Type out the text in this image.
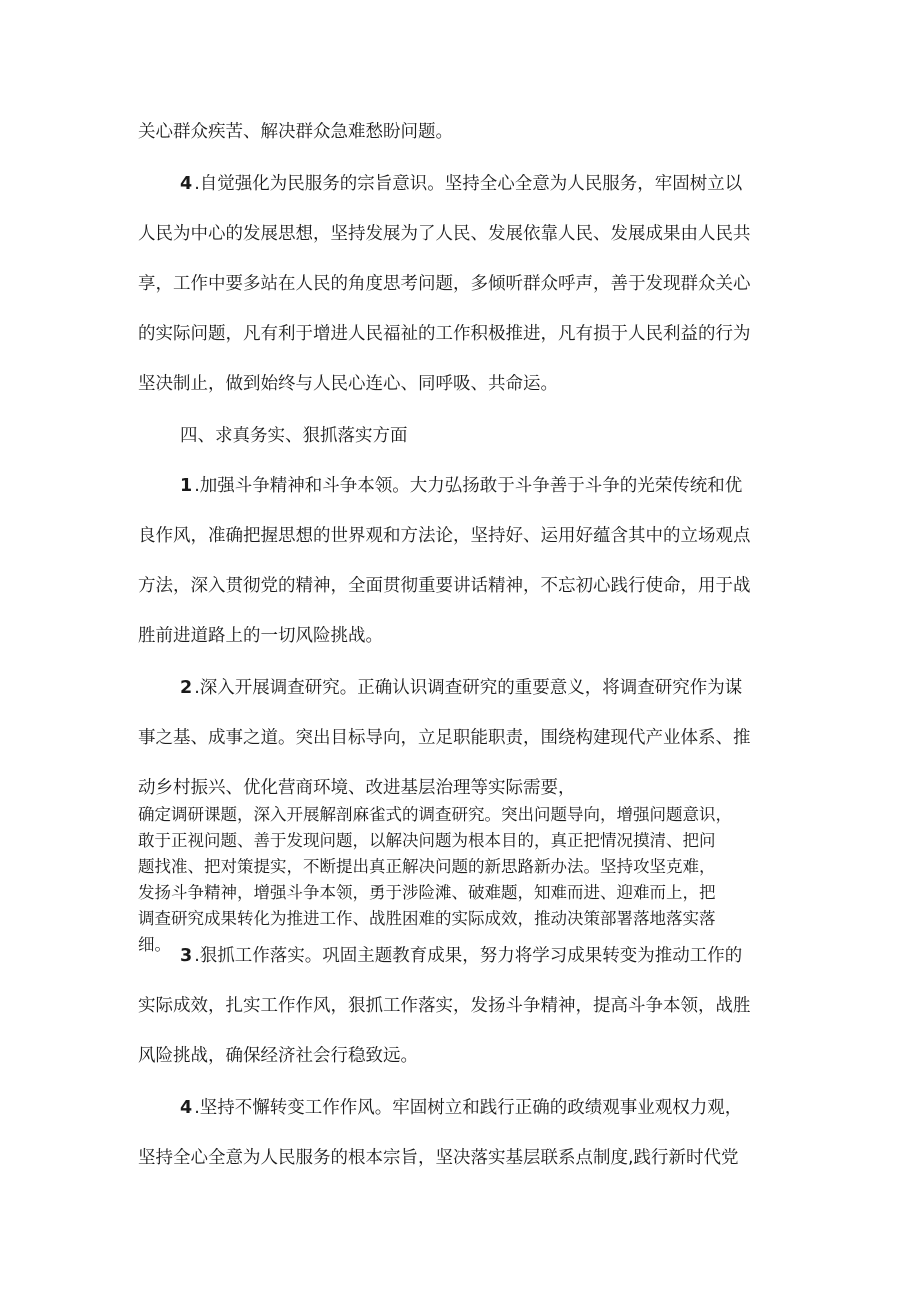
关心群众疾苦、解决群众急难愁盼问题。
4 .自觉强化为民服务的宗旨意识。坚持全心全意为人民服务，牢固树立以
人民为中心的发展思想，坚持发展为了人民、发展依靠人民、发展成果由人民共
享，工作中要多站在人民的角度思考问题，多倾听群众呼声，善于发现群众关心
的实际问题，凡有利于增进人民福祉的工作积极推进，凡有损于人民利益的行为
坚决制止，做到始终与人民心连心、同呼吸、共命运。
四、求真务实、狠抓落实方面
1 .加强斗争精神和斗争本领。大力弘扬敢于斗争善于斗争的光荣传统和优
良作风，准确把握思想的世界观和方法论，坚持好、运用好蕴含其中的立场观点
方法，深入贯彻党的精神，全面贯彻重要讲话精神，不忘初心践行使命，用于战
胜前进道路上的一切风险挑战。
2 .深入开展调查研究。正确认识调查研究的重要意义，将调查研究作为谋
事之基、成事之道。突出目标导向，立足职能职责，围绕构建现代产业体系、推
动乡村振兴、优化营商环境、改进基层治理等实际需要，
确定调研课题，深入开展解剖麻雀式的调查研究。突出问题导向，增强问题意识，
敢于正视问题、善于发现问题，以解决问题为根本目的，真正把情况摸清、把问
题找准、把对策提实，不断提出真正解决问题的新思路新办法。坚持攻坚克难，
发扬斗争精神，增强斗争本领，勇于涉险滩、破难题，知难而进、迎难而上，把
调查研究成果转化为推进工作、战胜困难的实际成效，推动决策部署落地落实落
细。
3 .狠抓工作落实。巩固主题教育成果，努力将学习成果转变为推动工作的
实际成效，扎实工作作风，狠抓工作落实，发扬斗争精神，提高斗争本领，战胜
风险挑战，确保经济社会行稳致远。
4 .坚持不懈转变工作作风。牢固树立和践行正确的政绩观事业观权力观，
坚持全心全意为人民服务的根本宗旨，坚决落实基层联系点制度,践行新时代党
